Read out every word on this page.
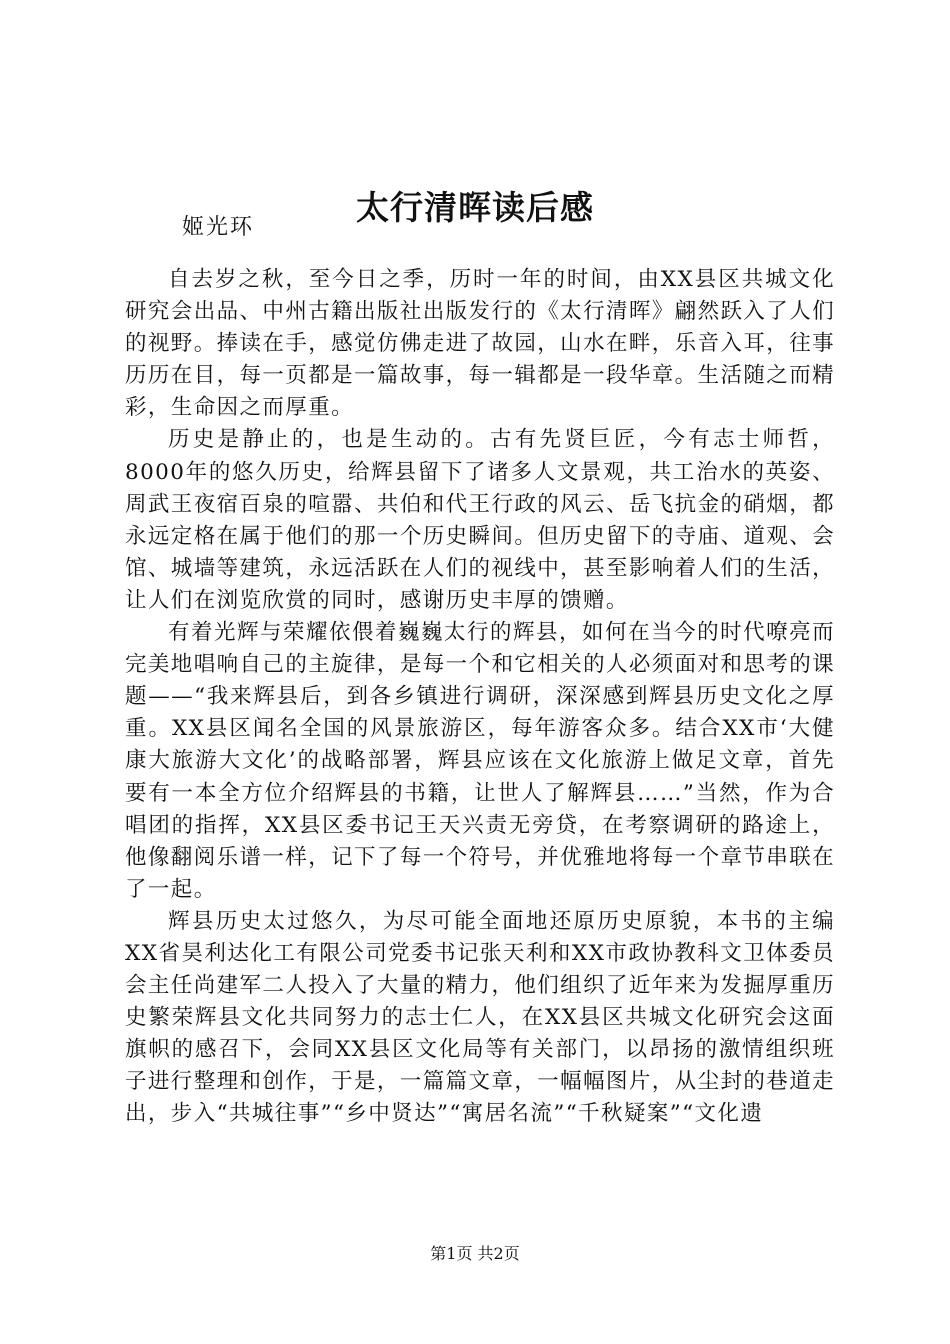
太行清晖读后感
姬光环

自去岁之秋，至今日之季，历时一年的时间，由XX县区共城文化研究会出品、中州古籍出版社出版发行的《太行清晖》翩然跃入了人们的视野。捧读在手，感觉仿佛走进了故园，山水在畔，乐音入耳，往事历历在目，每一页都是一篇故事，每一辑都是一段华章。生活随之而精彩，生命因之而厚重。

历史是静止的，也是生动的。古有先贤巨匠，今有志士师哲，8000年的悠久历史，给辉县留下了诸多人文景观，共工治水的英姿、周武王夜宿百泉的喧嚣、共伯和代王行政的风云、岳飞抗金的硝烟，都永远定格在属于他们的那一个历史瞬间。但历史留下的寺庙、道观、会馆、城墙等建筑，永远活跃在人们的视线中，甚至影响着人们的生活，让人们在浏览欣赏的同时，感谢历史丰厚的馈赠。

有着光辉与荣耀依偎着巍巍太行的辉县，如何在当今的时代嘹亮而完美地唱响自己的主旋律，是每一个和它相关的人必须面对和思考的课题——“我来辉县后，到各乡镇进行调研，深深感到辉县历史文化之厚重。XX县区闻名全国的风景旅游区，每年游客众多。结合XX市‘大健康大旅游大文化’的战略部署，辉县应该在文化旅游上做足文章，首先要有一本全方位介绍辉县的书籍，让世人了解辉县……”当然，作为合唱团的指挥，XX县区委书记王天兴责无旁贷，在考察调研的路途上，他像翻阅乐谱一样，记下了每一个符号，并优雅地将每一个章节串联在了一起。

辉县历史太过悠久，为尽可能全面地还原历史原貌，本书的主编XX省昊利达化工有限公司党委书记张天利和XX市政协教科文卫体委员会主任尚建军二人投入了大量的精力，他们组织了近年来为发掘厚重历史繁荣辉县文化共同努力的志士仁人，在XX县区共城文化研究会这面旗帜的感召下，会同XX县区文化局等有关部门，以昂扬的激情组织班子进行整理和创作，于是，一篇篇文章，一幅幅图片，从尘封的巷道走出，步入“共城往事”“乡中贤达”“寓居名流”“千秋疑案”“文化遗

第1页 共2页
